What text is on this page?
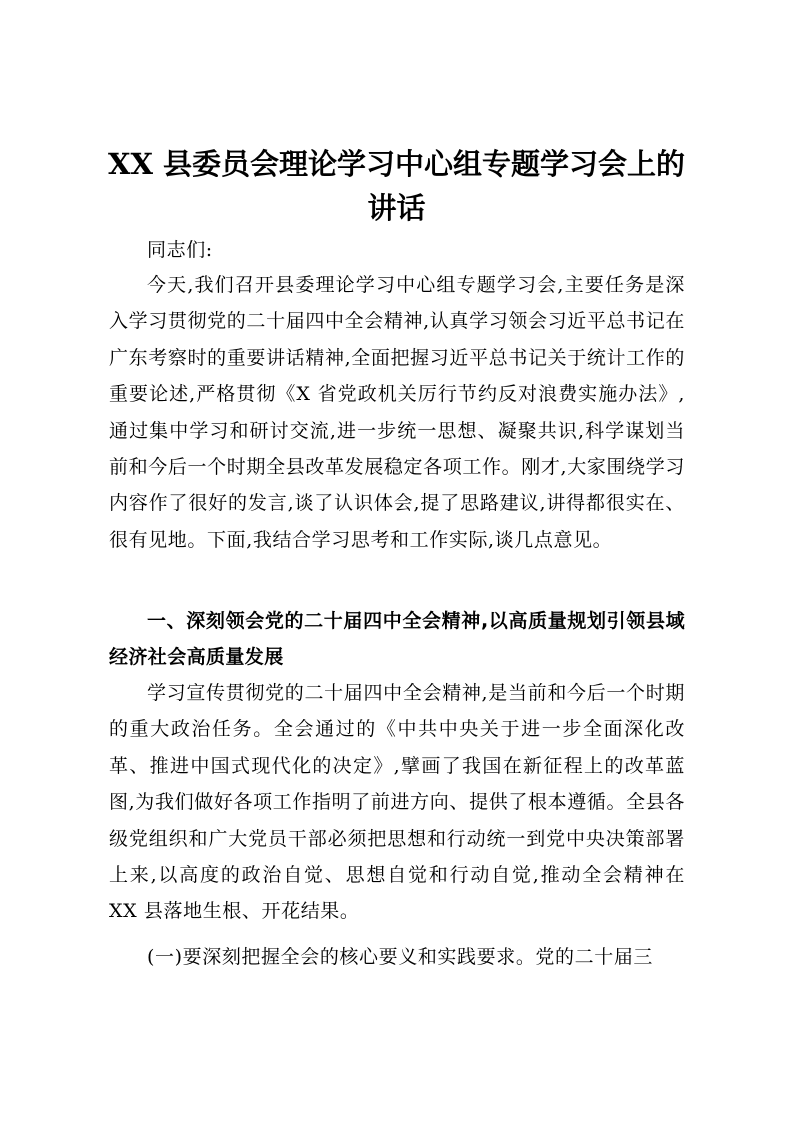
XX 县委员会理论学习中心组专题学习会上的
讲话

同志们:

今天,我们召开县委理论学习中心组专题学习会,主要任务是深入学习贯彻党的二十届四中全会精神,认真学习领会习近平总书记在广东考察时的重要讲话精神,全面把握习近平总书记关于统计工作的重要论述,严格贯彻《X 省党政机关厉行节约反对浪费实施办法》,通过集中学习和研讨交流,进一步统一思想、凝聚共识,科学谋划当前和今后一个时期全县改革发展稳定各项工作。刚才,大家围绕学习内容作了很好的发言,谈了认识体会,提了思路建议,讲得都很实在、很有见地。下面,我结合学习思考和工作实际,谈几点意见。

一、深刻领会党的二十届四中全会精神,以高质量规划引领县域经济社会高质量发展

学习宣传贯彻党的二十届四中全会精神,是当前和今后一个时期的重大政治任务。全会通过的《中共中央关于进一步全面深化改革、推进中国式现代化的决定》,擘画了我国在新征程上的改革蓝图,为我们做好各项工作指明了前进方向、提供了根本遵循。全县各级党组织和广大党员干部必须把思想和行动统一到党中央决策部署上来,以高度的政治自觉、思想自觉和行动自觉,推动全会精神在 XX 县落地生根、开花结果。

(一)要深刻把握全会的核心要义和实践要求。党的二十届三
